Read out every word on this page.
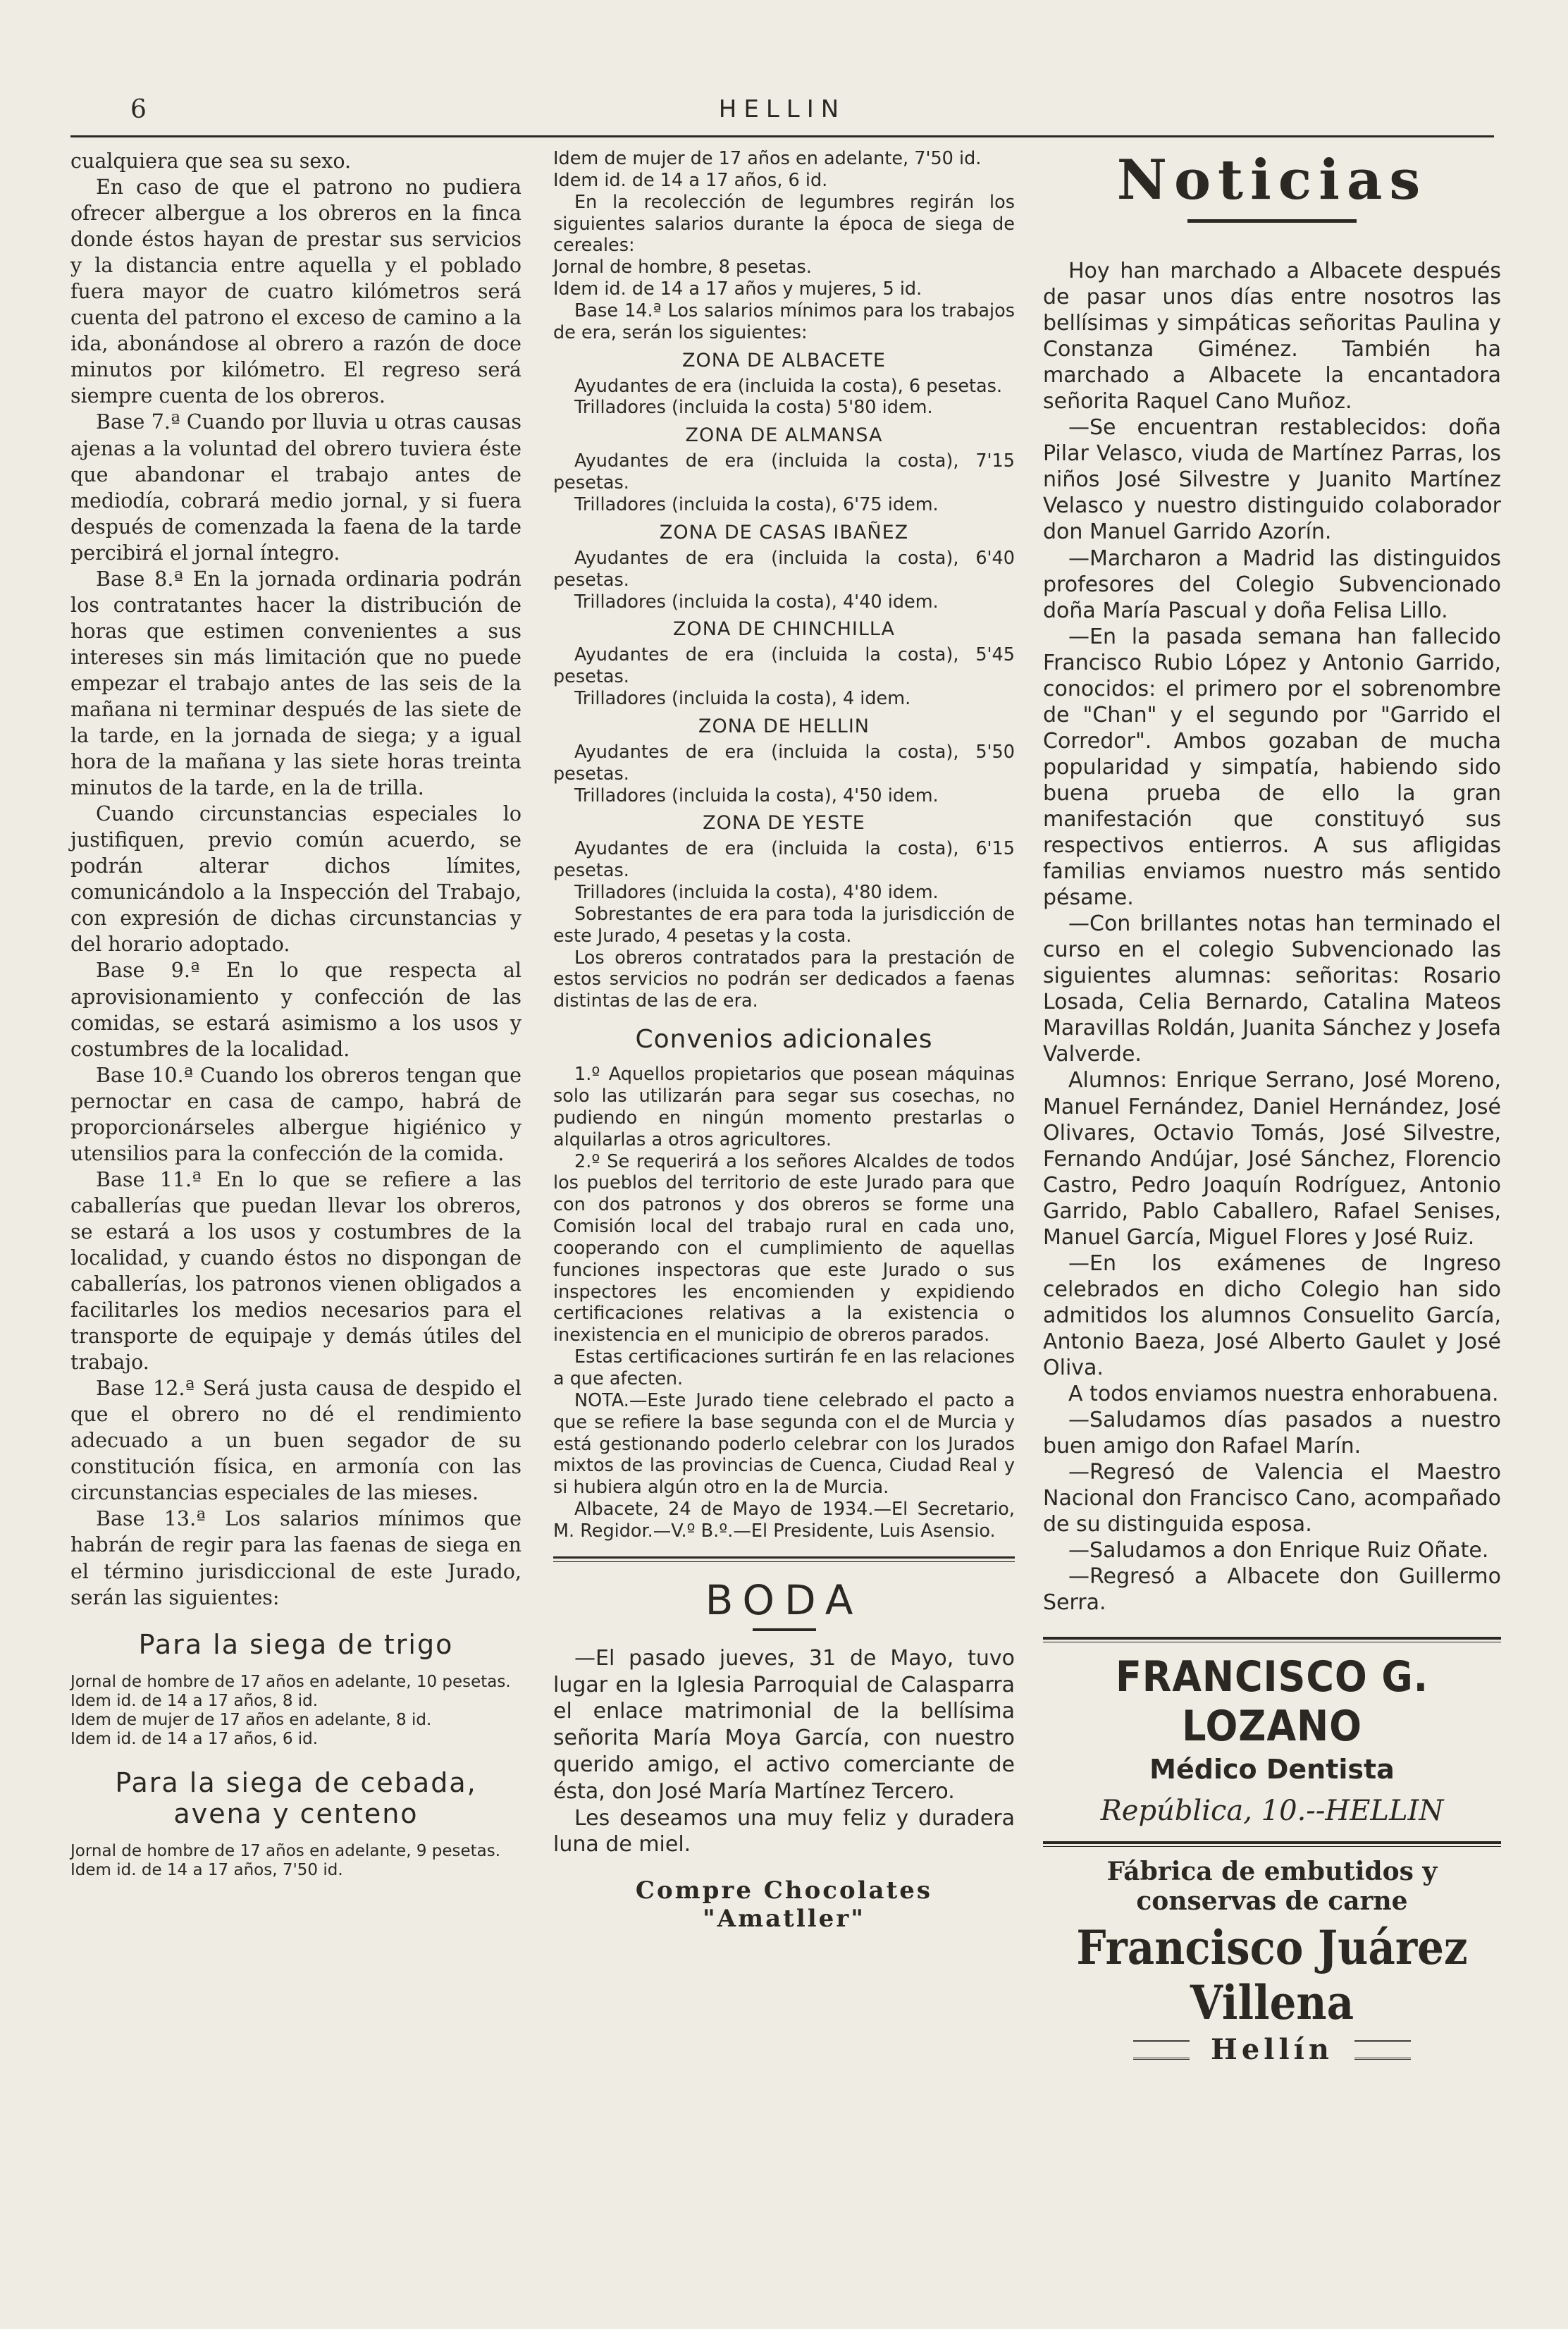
6	HELLIN

cualquiera que sea su sexo.

En caso de que el patrono no pudiera ofrecer albergue a los obreros en la finca donde éstos hayan de prestar sus servicios y la distancia entre aquella y el poblado fuera mayor de cuatro kilómetros será cuenta del patrono el exceso de camino a la ida, abonándose al obrero a razón de doce minutos por kilómetro. El regreso será siempre cuenta de los obreros.

Base 7.ª Cuando por lluvia u otras causas ajenas a la voluntad del obrero tuviera éste que abandonar el trabajo antes de mediodía, cobrará medio jornal, y si fuera después de comenzada la faena de la tarde percibirá el jornal íntegro.

Base 8.ª En la jornada ordinaria podrán los contratantes hacer la distribución de horas que estimen convenientes a sus intereses sin más limitación que no puede empezar el trabajo antes de las seis de la mañana ni terminar después de las siete de la tarde, en la jornada de siega; y a igual hora de la mañana y las siete horas treinta minutos de la tarde, en la de trilla.

Cuando circunstancias especiales lo justifiquen, previo común acuerdo, se podrán alterar dichos límites, comunicándolo a la Inspección del Trabajo, con expresión de dichas circunstancias y del horario adoptado.

Base 9.ª En lo que respecta al aprovisionamiento y confección de las comidas, se estará asimismo a los usos y costumbres de la localidad.

Base 10.ª Cuando los obreros tengan que pernoctar en casa de campo, habrá de proporcionárseles albergue higiénico y utensilios para la confección de la comida.

Base 11.ª En lo que se refiere a las caballerías que puedan llevar los obreros, se estará a los usos y costumbres de la localidad, y cuando éstos no dispongan de caballerías, los patronos vienen obligados a facilitarles los medios necesarios para el transporte de equipaje y demás útiles del trabajo.

Base 12.ª Será justa causa de despido el que el obrero no dé el rendimiento adecuado a un buen segador de su constitución física, en armonía con las circunstancias especiales de las mieses.

Base 13.ª Los salarios mínimos que habrán de regir para las faenas de siega en el término jurisdiccional de este Jurado, serán las siguientes:

Para la siega de trigo

Jornal de hombre de 17 años en adelante, 10 pesetas.

Idem id. de 14 a 17 años, 8 id.

Idem de mujer de 17 años en adelante, 8 id.

Idem id. de 14 a 17 años, 6 id.

Para la siega de cebada, avena y centeno

Jornal de hombre de 17 años en adelante, 9 pesetas.

Idem id. de 14 a 17 años, 7'50 id.

Idem de mujer de 17 años en adelante, 7'50 id.

Idem id. de 14 a 17 años, 6 id.

En la recolección de legumbres regirán los siguientes salarios durante la época de siega de cereales:

Jornal de hombre, 8 pesetas.

Idem id. de 14 a 17 años y mujeres, 5 id.

Base 14.ª Los salarios mínimos para los trabajos de era, serán los siguientes:

ZONA DE ALBACETE

Ayudantes de era (incluida la costa), 6 pesetas.

Trilladores (incluida la costa) 5'80 idem.

ZONA DE ALMANSA

Ayudantes de era (incluida la costa), 7'15 pesetas.

Trilladores (incluida la costa), 6'75 idem.

ZONA DE CASAS IBAÑEZ

Ayudantes de era (incluida la costa), 6'40 pesetas.

Trilladores (incluida la costa), 4'40 idem.

ZONA DE CHINCHILLA

Ayudantes de era (incluida la costa), 5'45 pesetas.

Trilladores (incluida la costa), 4 idem.

ZONA DE HELLIN

Ayudantes de era (incluida la costa), 5'50 pesetas.

Trilladores (incluida la costa), 4'50 idem.

ZONA DE YESTE

Ayudantes de era (incluida la costa), 6'15 pesetas.

Trilladores (incluida la costa), 4'80 idem.

Sobrestantes de era para toda la jurisdicción de este Jurado, 4 pesetas y la costa.

Los obreros contratados para la prestación de estos servicios no podrán ser dedicados a faenas distintas de las de era.

Convenios adicionales

1.º Aquellos propietarios que posean máquinas solo las utilizarán para segar sus cosechas, no pudiendo en ningún momento prestarlas o alquilarlas a otros agricultores.

2.º Se requerirá a los señores Alcaldes de todos los pueblos del territorio de este Jurado para que con dos patronos y dos obreros se forme una Comisión local del trabajo rural en cada uno, cooperando con el cumplimiento de aquellas funciones inspectoras que este Jurado o sus inspectores les encomienden y expidiendo certificaciones relativas a la existencia o inexistencia en el municipio de obreros parados.

Estas certificaciones surtirán fe en las relaciones a que afecten.

NOTA.—Este Jurado tiene celebrado el pacto a que se refiere la base segunda con el de Murcia y está gestionando poderlo celebrar con los Jurados mixtos de las provincias de Cuenca, Ciudad Real y si hubiera algún otro en la de Murcia.

Albacete, 24 de Mayo de 1934.—El Secretario, M. Regidor.—V.º B.º.—El Presidente, Luis Asensio.

BODA

—El pasado jueves, 31 de Mayo, tuvo lugar en la Iglesia Parroquial de Calasparra el enlace matrimonial de la bellísima señorita María Moya García, con nuestro querido amigo, el activo comerciante de ésta, don José María Martínez Tercero.

Les deseamos una muy feliz y duradera luna de miel.

Compre Chocolates "Amatller"
Noticias

Hoy han marchado a Albacete después de pasar unos días entre nosotros las bellísimas y simpáticas señoritas Paulina y Constanza Giménez. También ha marchado a Albacete la encantadora señorita Raquel Cano Muñoz.

—Se encuentran restablecidos: doña Pilar Velasco, viuda de Martínez Parras, los niños José Silvestre y Juanito Martínez Velasco y nuestro distinguido colaborador don Manuel Garrido Azorín.

—Marcharon a Madrid las distinguidos profesores del Colegio Subvencionado doña María Pascual y doña Felisa Lillo.

—En la pasada semana han fallecido Francisco Rubio López y Antonio Garrido, conocidos: el primero por el sobrenombre de "Chan" y el segundo por "Garrido el Corredor". Ambos gozaban de mucha popularidad y simpatía, habiendo sido buena prueba de ello la gran manifestación que constituyó sus respectivos entierros. A sus afligidas familias enviamos nuestro más sentido pésame.

—Con brillantes notas han terminado el curso en el colegio Subvencionado las siguientes alumnas: señoritas: Rosario Losada, Celia Bernardo, Catalina Mateos Maravillas Roldán, Juanita Sánchez y Josefa Valverde.

Alumnos: Enrique Serrano, José Moreno, Manuel Fernández, Daniel Hernández, José Olivares, Octavio Tomás, José Silvestre, Fernando Andújar, José Sánchez, Florencio Castro, Pedro Joaquín Rodríguez, Antonio Garrido, Pablo Caballero, Rafael Senises, Manuel García, Miguel Flores y José Ruiz.

—En los exámenes de Ingreso celebrados en dicho Colegio han sido admitidos los alumnos Consuelito García, Antonio Baeza, José Alberto Gaulet y José Oliva.

A todos enviamos nuestra enhorabuena.

—Saludamos días pasados a nuestro buen amigo don Rafael Marín.

—Regresó de Valencia el Maestro Nacional don Francisco Cano, acompañado de su distinguida esposa.

—Saludamos a don Enrique Ruiz Oñate.

—Regresó a Albacete don Guillermo Serra.

FRANCISCO G. LOZANO
Médico Dentista
República, 10.--HELLIN
Fábrica de embutidos y conservas de carne
Francisco Juárez Villena
Hellín
